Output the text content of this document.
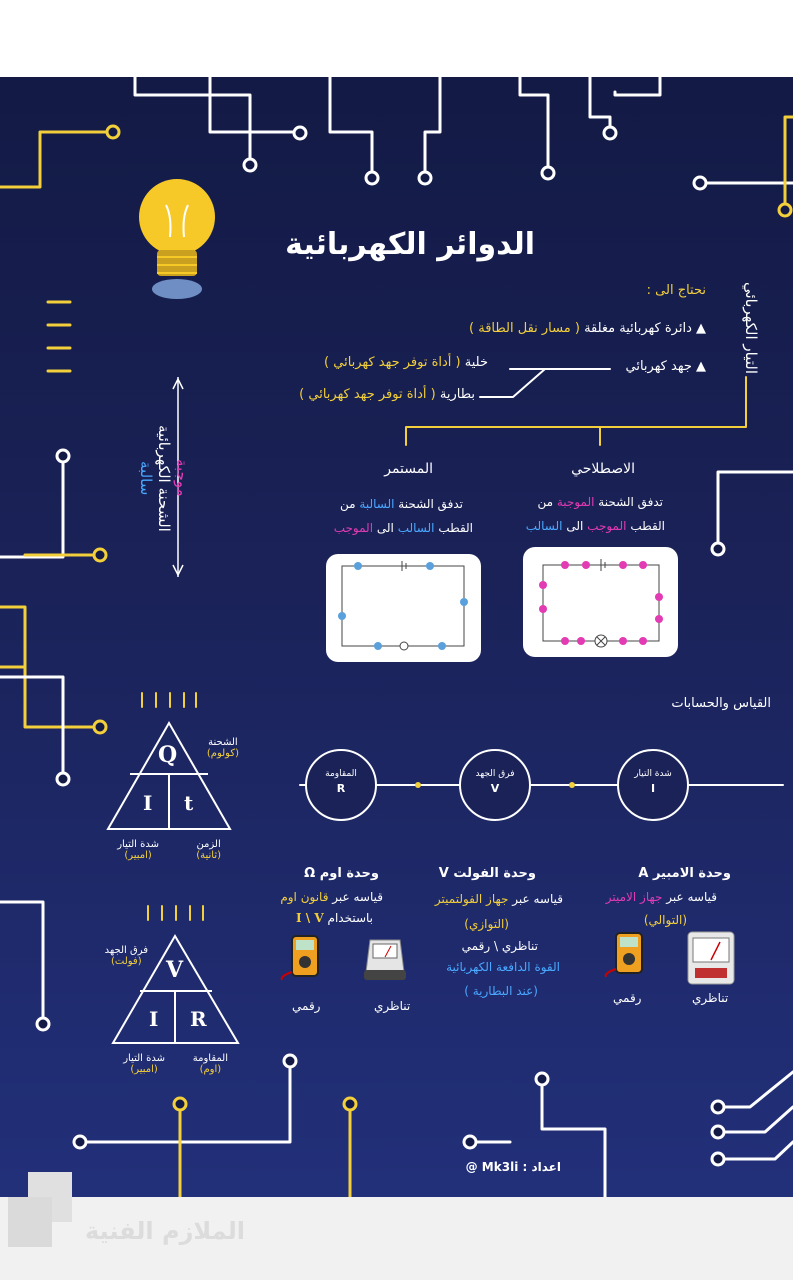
الدوائر الكهربائية
التيار الكهربائي
نحتاج الى :
▲ دائرة كهربائية مغلقة ( مسار نقل الطاقة )
▲ جهد كهربائي
خلية ( أداة توفر جهد كهربائي )
بطارية ( أداة توفر جهد كهربائي )
موجبة
الشحنة الكهربائية
سالبة	الاصطلاحي
تدفق الشحنة الموجبة من
القطب الموجب الى السالب
المستمر
تدفق الشحنة السالبة من
القطب السالب الى الموجب
القياس والحسابات
شدة التيار
I
فرق الجهد
V
المقاومة
R
Q
I t
الشحنة
(كولوم)
شدة التيار
(امبير)
الزمن
(ثانية)
V
I R
فرق الجهد
(فولت)
شدة التيار
(امبير)
المقاومة
(اوم)
وحدة الامبير A
قياسه عبر جهاز الاميتر
(التوالي)
تناظري
رقمي
وحدة الفولت V
قياسه عبر جهاز الفولتميتر
(التوازي)
تناظري \ رقمي
القوة الدافعة الكهربائية
(عند البطارية )
وحدة اوم Ω
قياسه عبر قانون اوم
باستخدام I \ V
تناظري
رقمي
اعداد : @ Mk3li
الملازم الفنية
